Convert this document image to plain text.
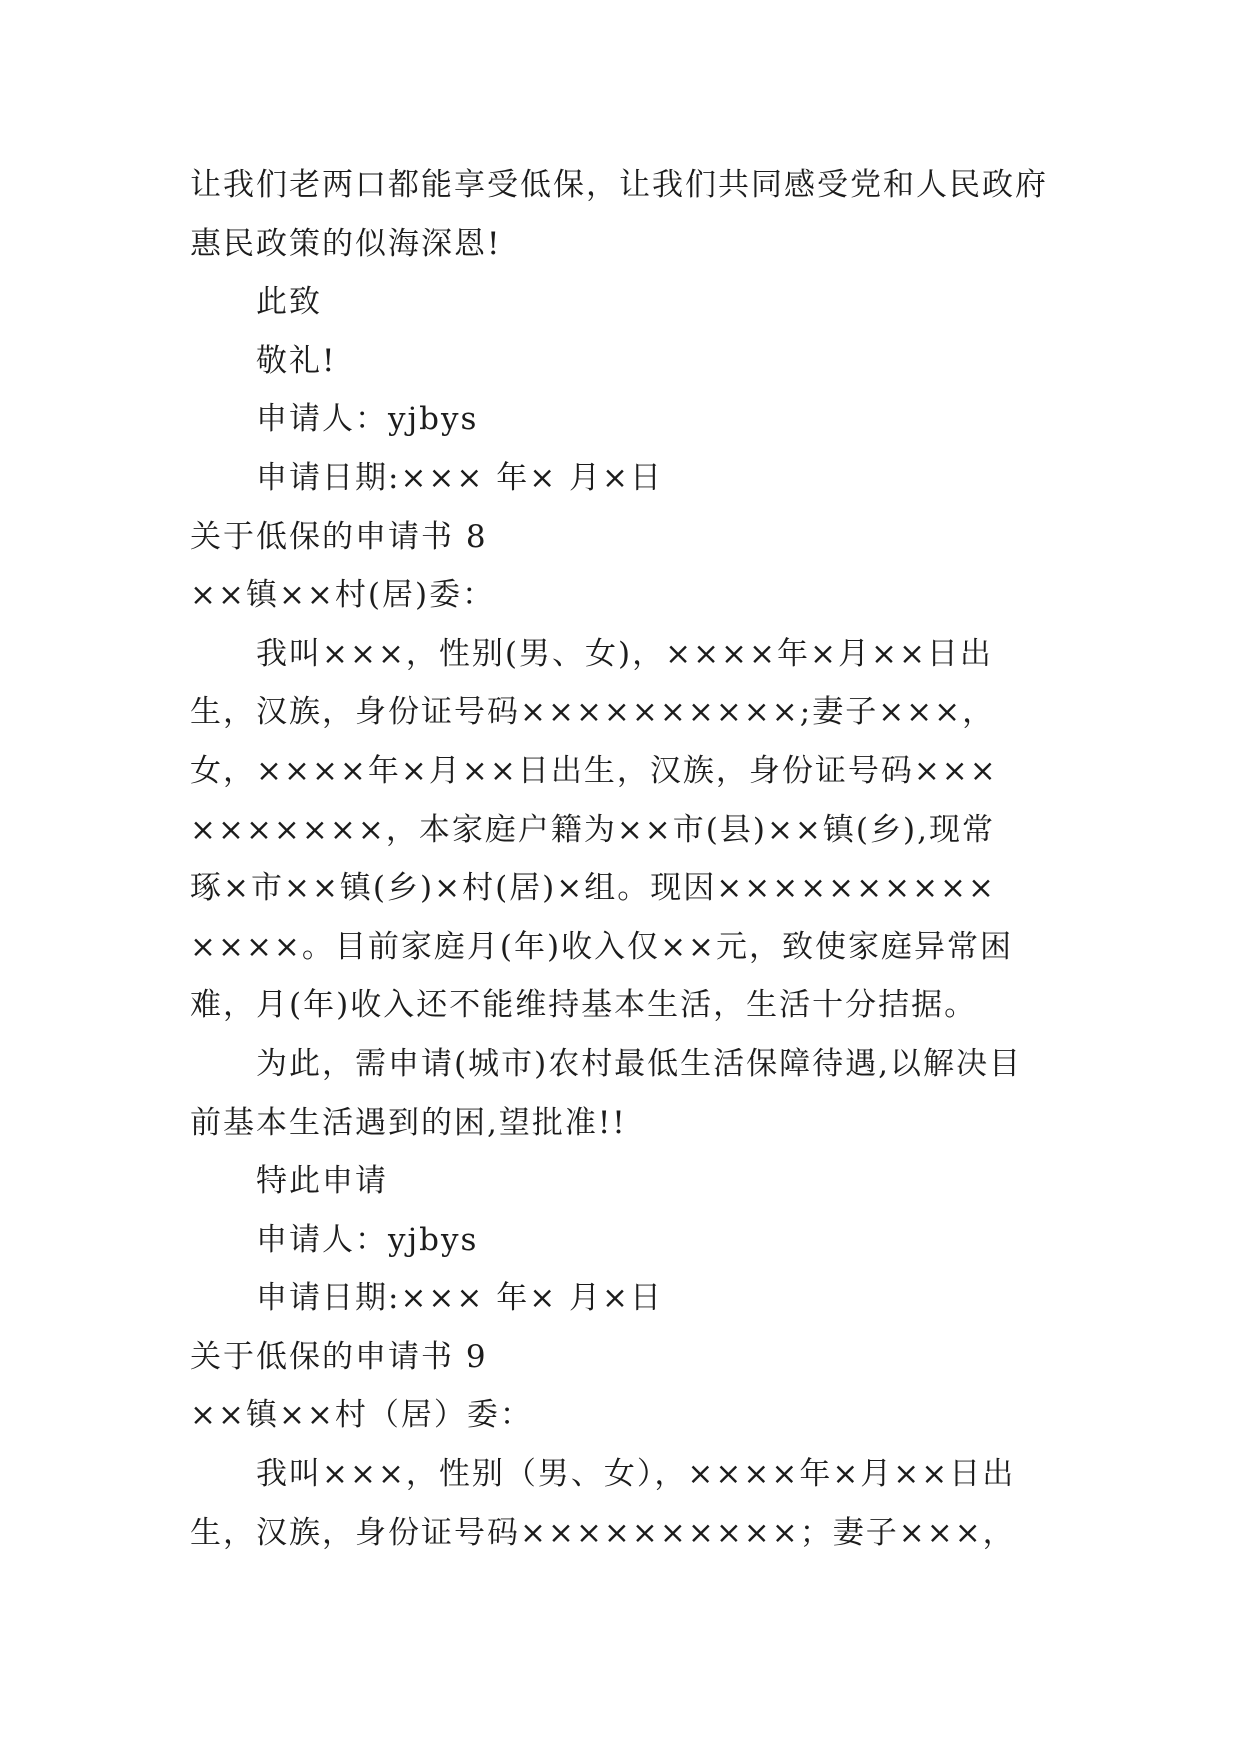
让我们老两口都能享受低保，让我们共同感受党和人民政府
惠民政策的似海深恩!
此致
敬礼!
申请人：yjbys
申请日期:××× 年× 月×日
关于低保的申请书 8
××镇××村(居)委：
我叫×××，性别(男、女)，××××年×月××日出
生，汉族，身份证号码××××××××××;妻子×××，
女，××××年×月××日出生，汉族，身份证号码×××
×××××××，本家庭户籍为××市(县)××镇(乡),现常
琢×市××镇(乡)×村(居)×组。现因××××××××××
××××。目前家庭月(年)收入仅××元，致使家庭异常困
难，月(年)收入还不能维持基本生活，生活十分拮据。
为此，需申请(城市)农村最低生活保障待遇,以解决目
前基本生活遇到的困,望批准!!
特此申请
申请人：yjbys
申请日期:××× 年× 月×日
关于低保的申请书 9
××镇××村（居）委：
我叫×××，性别（男、女），××××年×月××日出
生，汉族，身份证号码××××××××××；妻子×××，
